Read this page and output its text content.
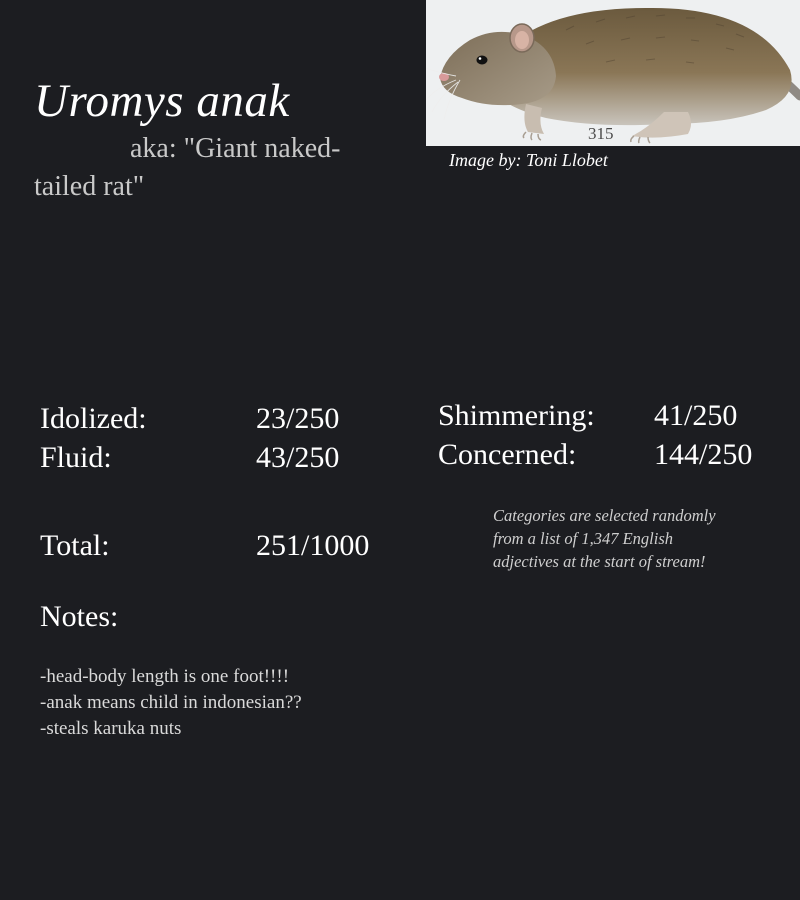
Uromys anak

aka: "Giant naked-tailed rat"

315

Image by: Toni Llobet

Idolized:	23/250
Fluid:	43/250
Shimmering: 41/250
Concerned:	144/250
Total:	251/1000

Categories are selected randomly from a list of 1,347 English adjectives at the start of stream!

Notes:
-head-body length is one foot!!!!
-anak means child in indonesian??
-steals karuka nuts
